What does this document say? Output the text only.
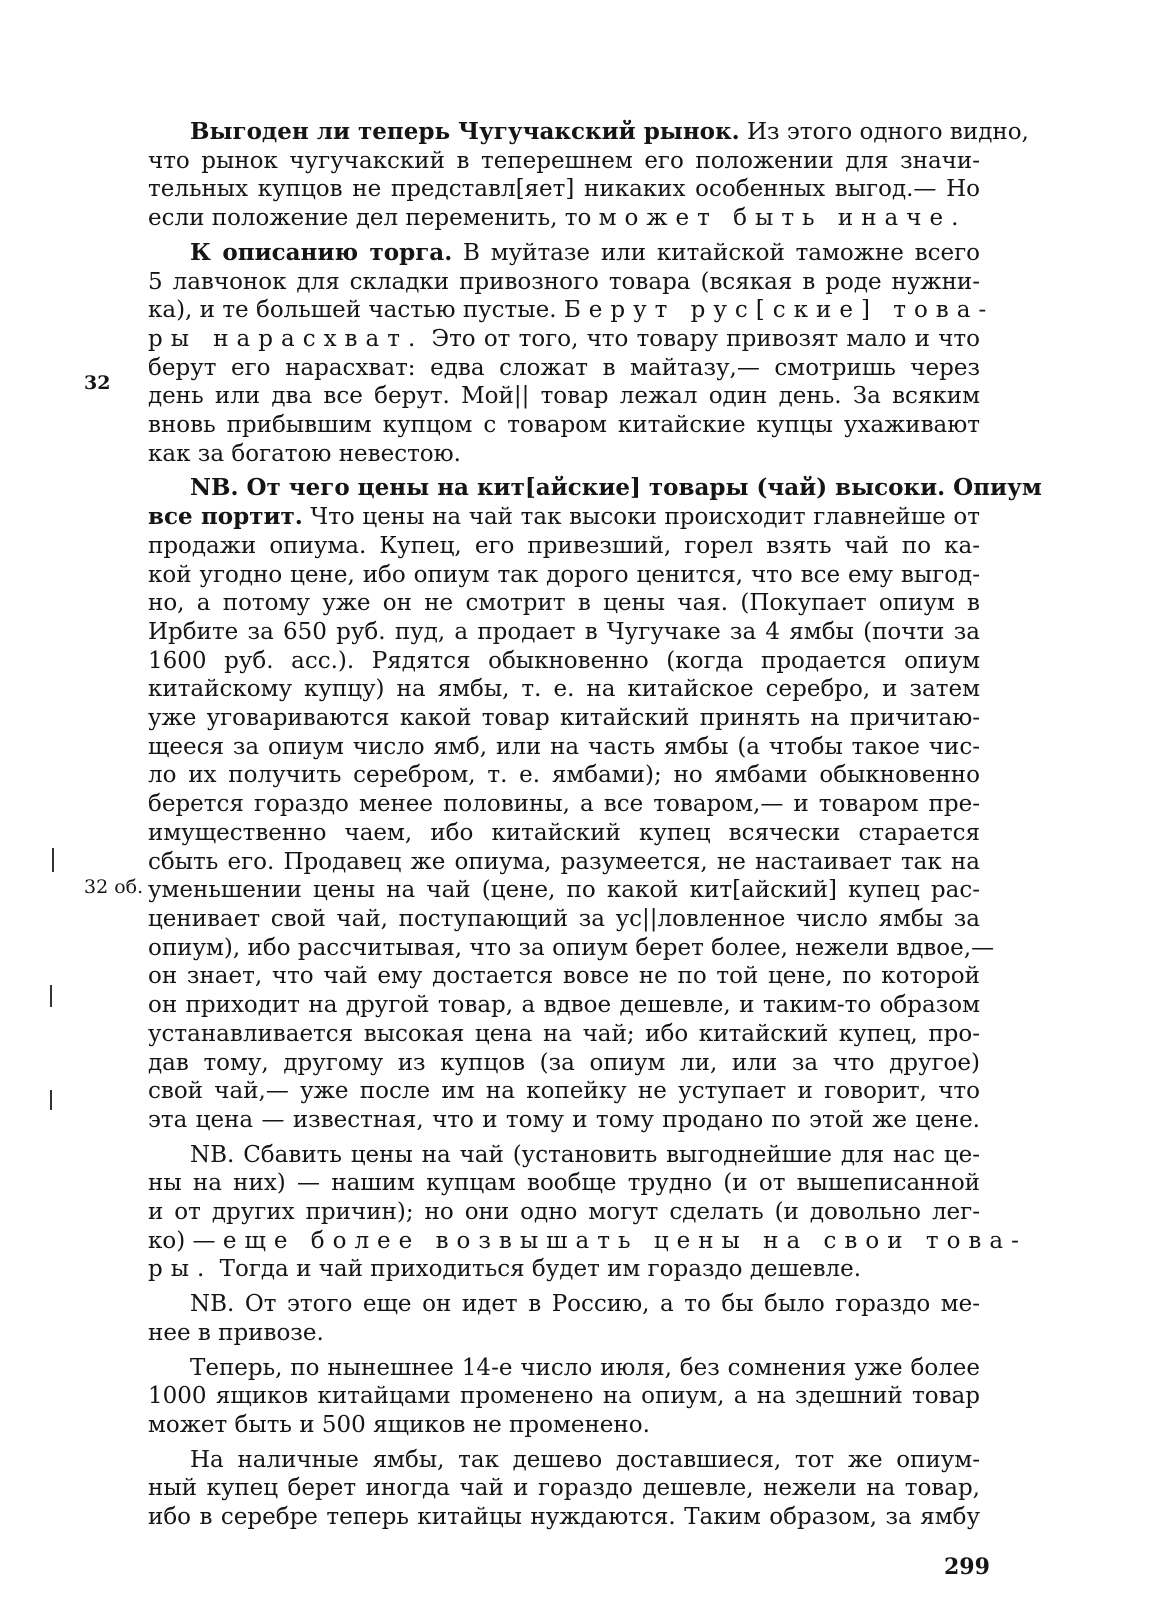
32
32 об.

Выгоден ли теперь Чугучакский рынок. Из этого одного видно,
что рынок чугучакский в теперешнем его положении для значи-
тельных купцов не представл[яет] никаких особенных выгод.— Но
если положение дел переменить, то может быть иначе.

К описанию торга. В муйтазе или китайской таможне всего
5 лавчонок для складки привозного товара (всякая в роде нужни-
ка), и те большей частью пустые. Берут рус[ские] това-
ры нарасхват. Это от того, что товару привозят мало и что
берут его нарасхват: едва сложат в майтазу,— смотришь через
день или два все берут. Мой|| товар лежал один день. За всяким
вновь прибывшим купцом с товаром китайские купцы ухаживают
как за богатою невестою.

NB. От чего цены на кит[айские] товары (чай) высоки. Опиум
все портит. Что цены на чай так высоки происходит главнейше от
продажи опиума. Купец, его привезший, горел взять чай по ка-
кой угодно цене, ибо опиум так дорого ценится, что все ему выгод-
но, а потому уже он не смотрит в цены чая. (Покупает опиум в
Ирбите за 650 руб. пуд, а продает в Чугучаке за 4 ямбы (почти за
1600 руб. асс.). Рядятся обыкновенно (когда продается опиум
китайскому купцу) на ямбы, т. е. на китайское серебро, и затем
уже уговариваются какой товар китайский принять на причитаю-
щееся за опиум число ямб, или на часть ямбы (а чтобы такое чис-
ло их получить серебром, т. е. ямбами); но ямбами обыкновенно
берется гораздо менее половины, а все товаром,— и товаром пре-
имущественно чаем, ибо китайский купец всячески старается
сбыть его. Продавец же опиума, разумеется, не настаивает так на
уменьшении цены на чай (цене, по какой кит[айский] купец рас-
ценивает свой чай, поступающий за ус||ловленное число ямбы за
опиум), ибо рассчитывая, что за опиум берет более, нежели вдвое,—
он знает, что чай ему достается вовсе не по той цене, по которой
он приходит на другой товар, а вдвое дешевле, и таким-то образом
устанавливается высокая цена на чай; ибо китайский купец, про-
дав тому, другому из купцов (за опиум ли, или за что другое)
свой чай,— уже после им на копейку не уступает и говорит, что
эта цена — известная, что и тому и тому продано по этой же цене.

NB. Сбавить цены на чай (установить выгоднейшие для нас це-
ны на них) — нашим купцам вообще трудно (и от вышеписанной
и от других причин); но они одно могут сделать (и довольно лег-
ко) — еще более возвышать цены на свои това-
ры. Тогда и чай приходиться будет им гораздо дешевле.

NB. От этого еще он идет в Россию, а то бы было гораздо ме-
нее в привозе.

Теперь, по нынешнее 14-е число июля, без сомнения уже более
1000 ящиков китайцами променено на опиум, а на здешний товар
может быть и 500 ящиков не променено.

На наличные ямбы, так дешево доставшиеся, тот же опиум-
ный купец берет иногда чай и гораздо дешевле, нежели на товар,
ибо в серебре теперь китайцы нуждаются. Таким образом, за ямбу

299
